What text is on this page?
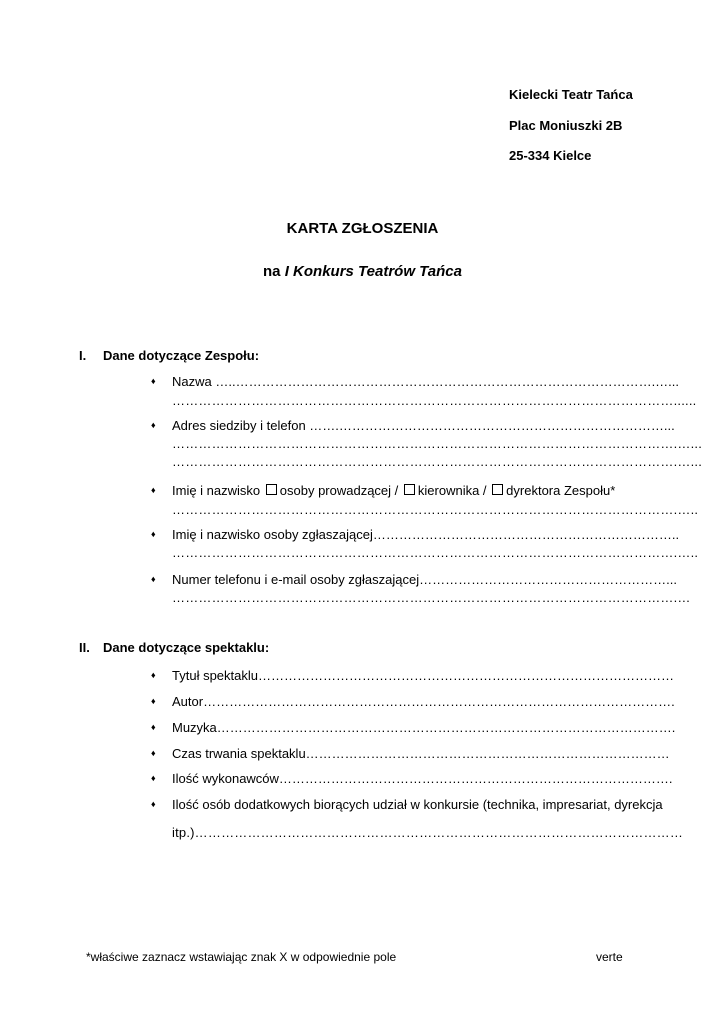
Kielecki Teatr Tańca
Plac Moniuszki 2B
25-334 Kielce
KARTA ZGŁOSZENIA
na I Konkurs Teatrów Tańca
I. Dane dotyczące Zespołu:
♦ Nazwa …..…………………………………………………………………………………….…...
……………………………………………………………………………………………………......
♦ Adres siedziby i telefon …….…………………………………………………………………...
…………………………………………………………………………………………………….…...
…………………………………………………………………………………………………….…...
♦ Imię i nazwisko osoby prowadzącej / kierownika / dyrektora Zespołu*
…………………………………………………………………………………………………….…..
♦ Imię i nazwisko osoby zgłaszającej……………………………………………………………..
…………………………………………………………………………………………………….…..
♦ Numer telefonu i e-mail osoby zgłaszającej…………………………………………………...
…………………………………………………………………………………………………….…
II. Dane dotyczące spektaklu:
♦ Tytuł spektaklu……………………………………………………………………………………
♦ Autor……………………………………………………………………………………………….
♦ Muzyka…………………………………………………………………………………………….
♦ Czas trwania spektaklu…………………………………………………………………………
♦ Ilość wykonawców……………………………………………………………………………….
♦ Ilość osób dodatkowych biorących udział w konkursie (technika, impresariat, dyrekcja
itp.)…………………………………………………………………………………………………
*właściwe zaznacz wstawiając znak X w odpowiednie pole	verte
